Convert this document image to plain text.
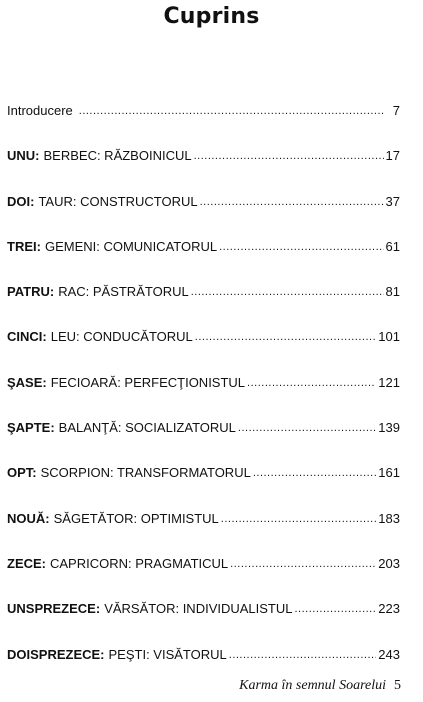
Cuprins
Introducere .....	7
UNU: BERBEC: RĂZBOINICUL .....	17
DOI: TAUR: CONSTRUCTORUL .....	37
TREI: GEMENI: COMUNICATORUL .....	61
PATRU: RAC: PĂSTRĂTORUL .....	81
CINCI: LEU: CONDUCĂTORUL .....	101
ŞASE: FECIOARĂ: PERFECŢIONISTUL .....	121
ŞAPTE: BALANŢĂ: SOCIALIZATORUL .....	139
OPT: SCORPION: TRANSFORMATORUL .....	161
NOUĂ: SĂGETĂTOR: OPTIMISTUL .....	183
ZECE: CAPRICORN: PRAGMATICUL .....	203
UNSPREZECE: VĂRSĂTOR: INDIVIDUALISTUL .....	223
DOISPREZECE: PEŞTI: VISĂTORUL .....	243
Karma în semnul Soarelui 5
